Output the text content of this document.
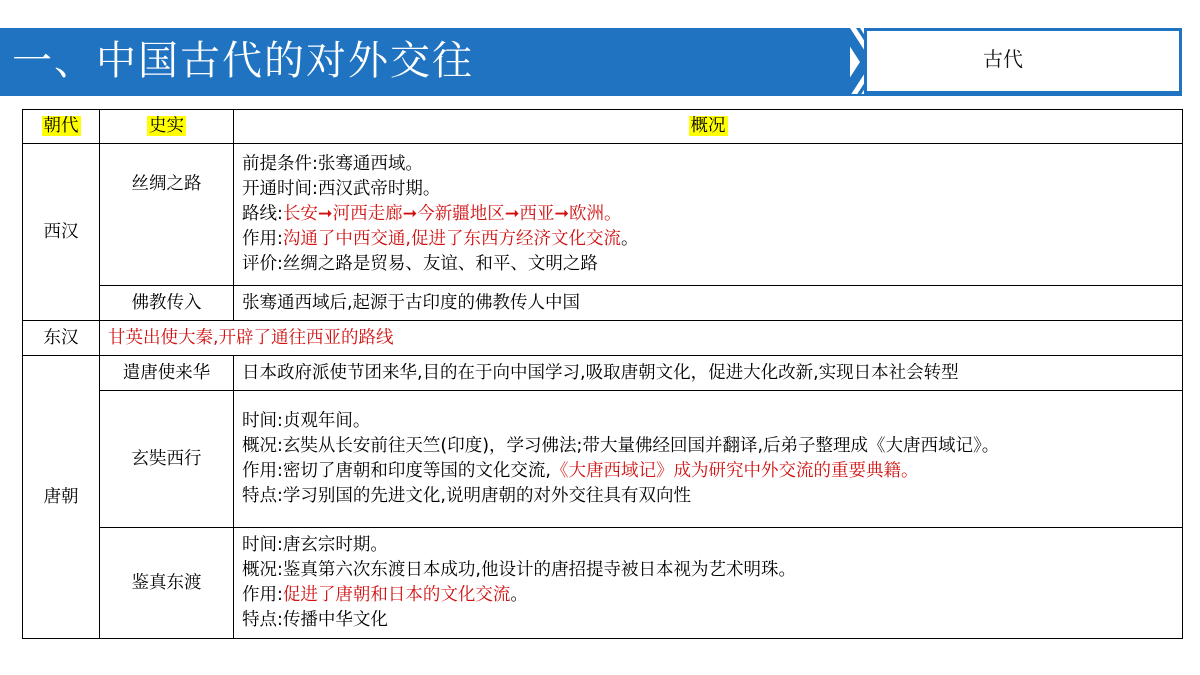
一、中国古代的对外交往	古代
朝代	史实	概况
西汉	丝绸之路	前提条件:张骞通西域。
开通时间:西汉武帝时期。
路线:长安➞河西走廊➞今新疆地区➞西亚➞欧洲。
作用:沟通了中西交通,促进了东西方经济文化交流。
评价:丝绸之路是贸易、友谊、和平、文明之路

	佛教传入	张骞通西域后,起源于古印度的佛教传人中国

东汉	甘英出使大秦,开辟了通往西亚的路线	

唐朝	遣唐使来华	日本政府派使节团来华,目的在于向中国学习,吸取唐朝文化，促进大化改新,实现日本社会转型

	玄奘西行	时间:贞观年间。
概况:玄奘从长安前往天竺(印度)，学习佛法;带大量佛经回国并翻译,后弟子整理成《大唐西域记》。
作用:密切了唐朝和印度等国的文化交流,《大唐西域记》成为研究中外交流的重要典籍。
特点:学习别国的先进文化,说明唐朝的对外交往具有双向性

	鉴真东渡	时间:唐玄宗时期。
概况:鉴真第六次东渡日本成功,他设计的唐招提寺被日本视为艺术明珠。
作用:促进了唐朝和日本的文化交流。
特点:传播中华文化
